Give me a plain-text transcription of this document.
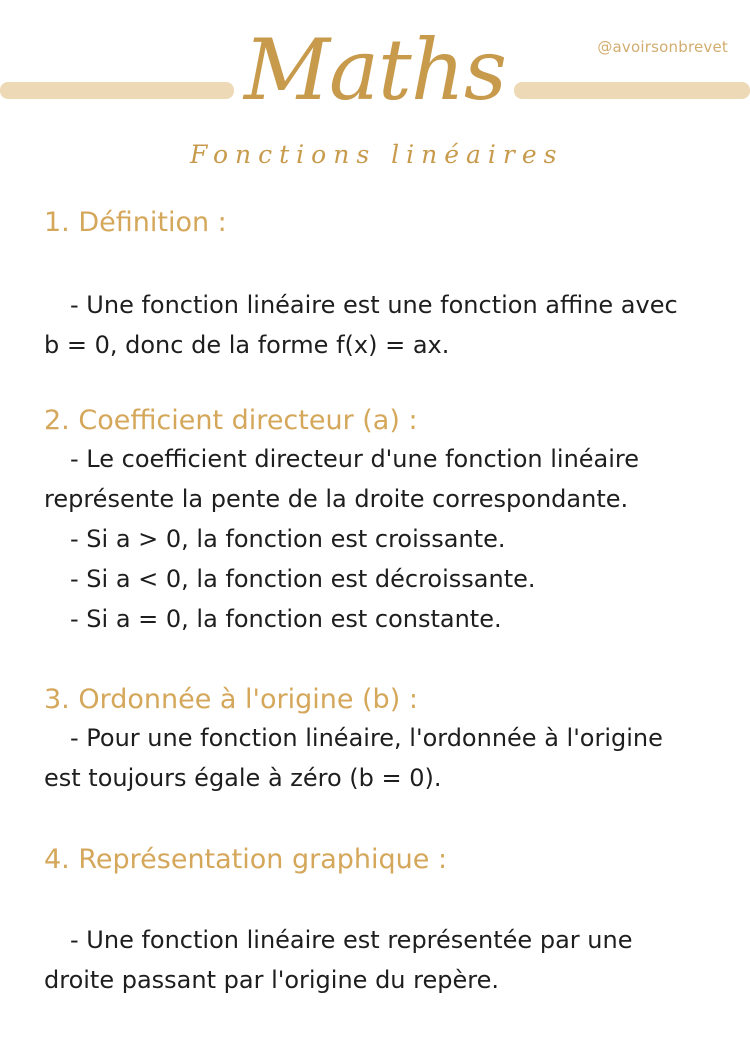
@avoirsonbrevet
Maths
Fonctions linéaires

1. Définition :

- Une fonction linéaire est une fonction affine avec

b = 0, donc de la forme f(x) = ax.

2. Coefficient directeur (a) :

- Le coefficient directeur d'une fonction linéaire

représente la pente de la droite correspondante.

- Si a > 0, la fonction est croissante.

- Si a < 0, la fonction est décroissante.

- Si a = 0, la fonction est constante.

3. Ordonnée à l'origine (b) :

- Pour une fonction linéaire, l'ordonnée à l'origine

est toujours égale à zéro (b = 0).

4. Représentation graphique :

- Une fonction linéaire est représentée par une

droite passant par l'origine du repère.
